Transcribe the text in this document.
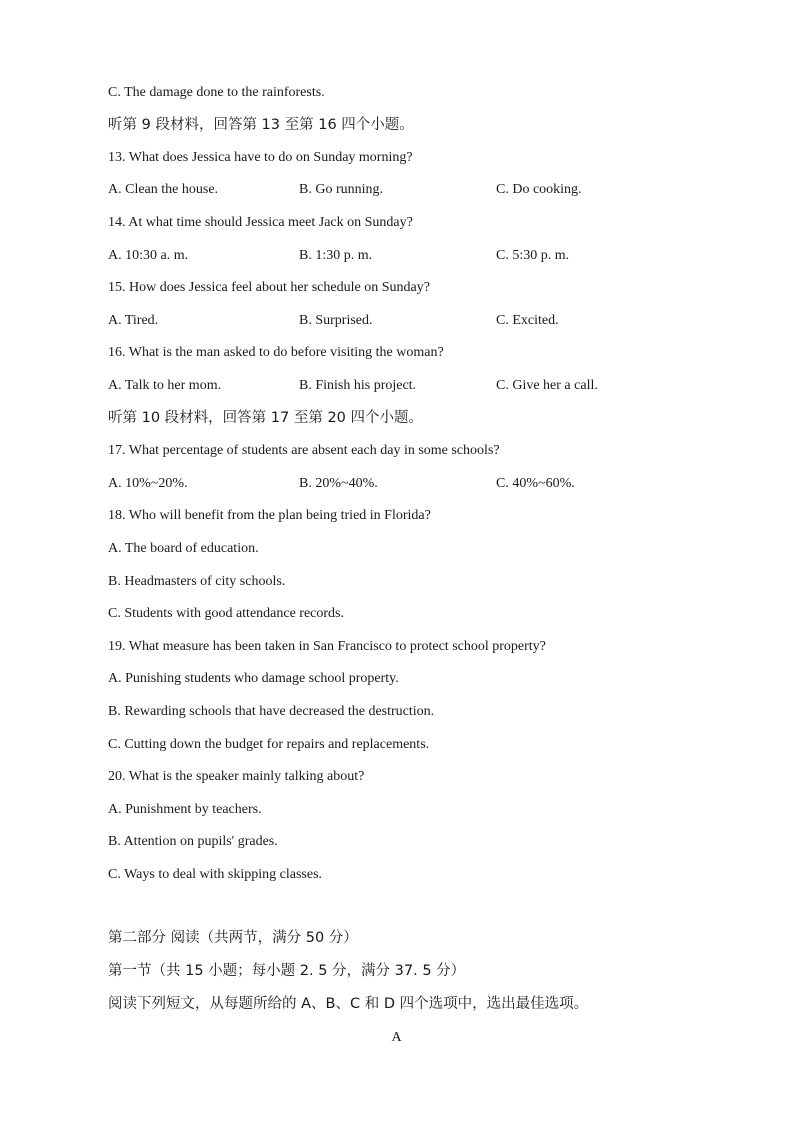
C. The damage done to the rainforests.
听第 9 段材料，回答第 13 至第 16 四个小题。
13. What does Jessica have to do on Sunday morning?
A. Clean the house.	B. Go running.	C. Do cooking.
14. At what time should Jessica meet Jack on Sunday?
A. 10:30 a. m.	B. 1:30 p. m.	C. 5:30 p. m.
15. How does Jessica feel about her schedule on Sunday?
A. Tired.	B. Surprised.	C. Excited.
16. What is the man asked to do before visiting the woman?
A. Talk to her mom.	B. Finish his project.	C. Give her a call.
听第 10 段材料，回答第 17 至第 20 四个小题。
17. What percentage of students are absent each day in some schools?
A. 10%~20%.	B. 20%~40%.	C. 40%~60%.
18. Who will benefit from the plan being tried in Florida?
A. The board of education.
B. Headmasters of city schools.
C. Students with good attendance records.
19. What measure has been taken in San Francisco to protect school property?
A. Punishing students who damage school property.
B. Rewarding schools that have decreased the destruction.
C. Cutting down the budget for repairs and replacements.
20. What is the speaker mainly talking about?
A. Punishment by teachers.
B. Attention on pupils' grades.
C. Ways to deal with skipping classes.
第二部分 阅读（共两节，满分 50 分）
第一节（共 15 小题；每小题 2. 5 分，满分 37. 5 分）
阅读下列短文，从每题所给的 A、B、C 和 D 四个选项中，选出最佳选项。
A
